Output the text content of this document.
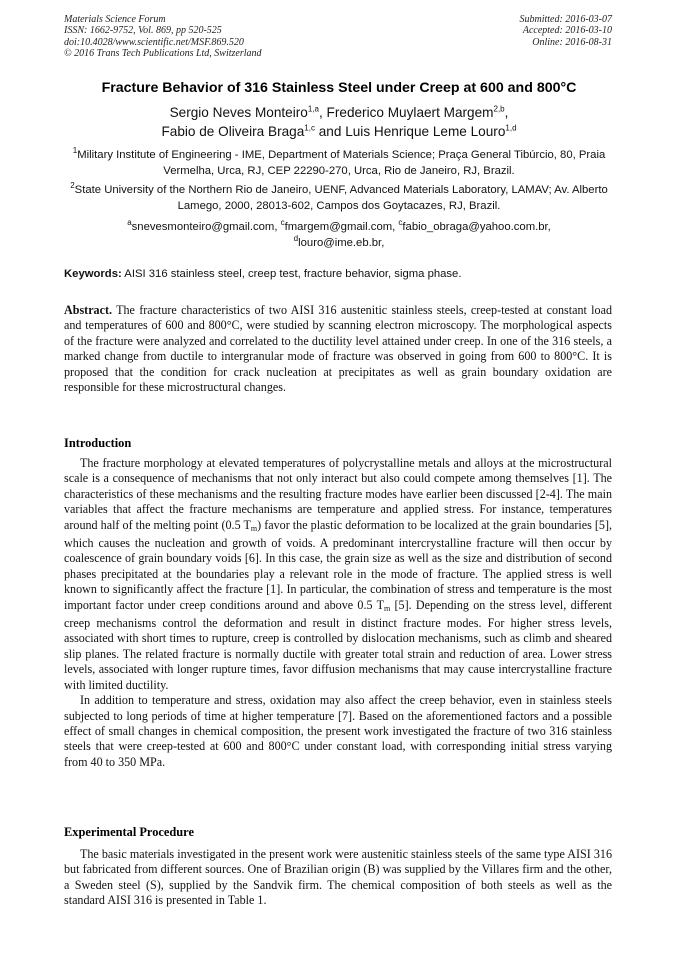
Materials Science Forum
ISSN: 1662-9752, Vol. 869, pp 520-525
doi:10.4028/www.scientific.net/MSF.869.520
© 2016 Trans Tech Publications Ltd, Switzerland
Submitted: 2016-03-07
Accepted: 2016-03-10
Online: 2016-08-31
Fracture Behavior of 316 Stainless Steel under Creep at 600 and 800°C
Sergio Neves Monteiro$^{1,a}$, Frederico Muylaert Margem$^{2,b}$,
Fabio de Oliveira Braga$^{1,c}$ and Luis Henrique Leme Louro$^{1,d}$
$^1$Military Institute of Engineering - IME, Department of Materials Science; Praça General Tibúrcio, 80, Praia Vermelha, Urca, RJ, CEP 22290-270, Urca, Rio de Janeiro, RJ, Brazil.
$^2$State University of the Northern Rio de Janeiro, UENF, Advanced Materials Laboratory, LAMAV; Av. Alberto Lamego, 2000, 28013-602, Campos dos Goytacazes, RJ, Brazil.
$^a$snevesmonteiro@gmail.com, $^c$fmargem@gmail.com, $^c$fabio_obraga@yahoo.com.br,
$^d$louro@ime.eb.br,
Keywords: AISI 316 stainless steel, creep test, fracture behavior, sigma phase.

Abstract. The fracture characteristics of two AISI 316 austenitic stainless steels, creep-tested at constant load and temperatures of 600 and 800°C, were studied by scanning electron microscopy. The morphological aspects of the fracture were analyzed and correlated to the ductility level attained under creep. In one of the 316 steels, a marked change from ductile to intergranular mode of fracture was observed in going from 600 to 800°C. It is proposed that the condition for crack nucleation at precipitates as well as grain boundary oxidation are responsible for these microstructural changes.

Introduction

The fracture morphology at elevated temperatures of polycrystalline metals and alloys at the microstructural scale is a consequence of mechanisms that not only interact but also could compete among themselves [1]. The characteristics of these mechanisms and the resulting fracture modes have earlier been discussed [2-4]. The main variables that affect the fracture mechanisms are temperature and applied stress. For instance, temperatures around half of the melting point (0.5 $T_m$) favor the plastic deformation to be localized at the grain boundaries [5], which causes the nucleation and growth of voids. A predominant intercrystalline fracture will then occur by coalescence of grain boundary voids [6]. In this case, the grain size as well as the size and distribution of second phases precipitated at the boundaries play a relevant role in the mode of fracture. The applied stress is well known to significantly affect the fracture [1]. In particular, the combination of stress and temperature is the most important factor under creep conditions around and above 0.5 $T_m$ [5]. Depending on the stress level, different creep mechanisms control the deformation and result in distinct fracture modes. For higher stress levels, associated with short times to rupture, creep is controlled by dislocation mechanisms, such as climb and sheared slip planes. The related fracture is normally ductile with greater total strain and reduction of area. Lower stress levels, associated with longer rupture times, favor diffusion mechanisms that may cause intercrystalline fracture with limited ductility.

In addition to temperature and stress, oxidation may also affect the creep behavior, even in stainless steels subjected to long periods of time at higher temperature [7]. Based on the aforementioned factors and a possible effect of small changes in chemical composition, the present work investigated the fracture of two 316 stainless steels that were creep-tested at 600 and 800°C under constant load, with corresponding initial stress varying from 40 to 350 MPa.

Experimental Procedure

The basic materials investigated in the present work were austenitic stainless steels of the same type AISI 316 but fabricated from different sources. One of Brazilian origin (B) was supplied by the Villares firm and the other, a Sweden steel (S), supplied by the Sandvik firm. The chemical composition of both steels as well as the standard AISI 316 is presented in Table 1.
